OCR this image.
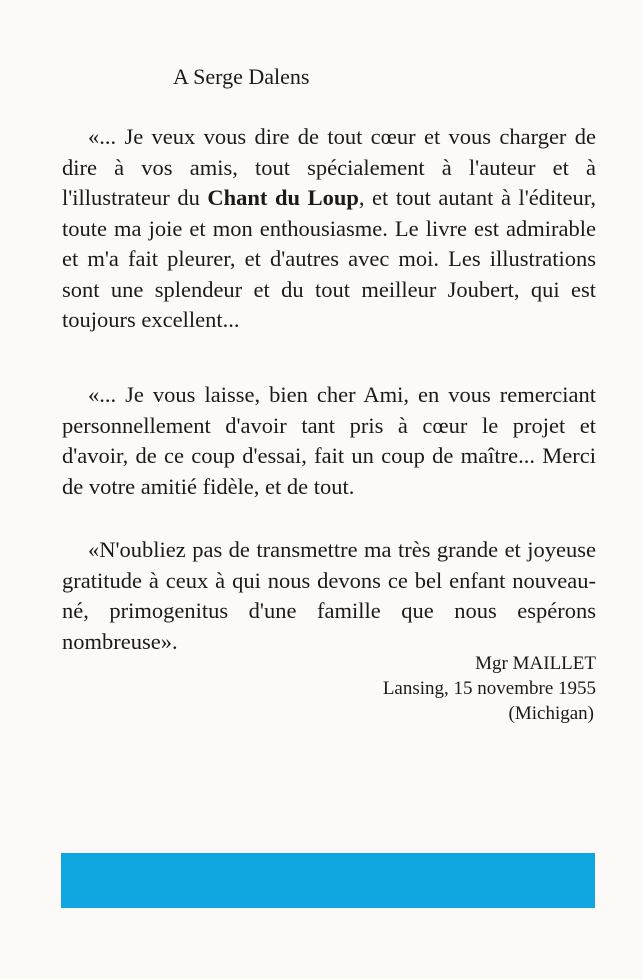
A Serge Dalens

«... Je veux vous dire de tout cœur et vous charger de dire à vos amis, tout spécialement à l'auteur et à l'illustrateur du Chant du Loup, et tout autant à l'éditeur, toute ma joie et mon enthousiasme. Le livre est admirable et m'a fait pleurer, et d'autres avec moi. Les illustrations sont une splendeur et du tout meilleur Joubert, qui est toujours excellent...

«... Je vous laisse, bien cher Ami, en vous remerciant personnellement d'avoir tant pris à cœur le projet et d'avoir, de ce coup d'essai, fait un coup de maître... Merci de votre amitié fidèle, et de tout.

«N'oubliez pas de transmettre ma très grande et joyeuse gratitude à ceux à qui nous devons ce bel enfant nouveau-né, primogenitus d'une famille que nous espérons nombreuse».

Mgr MAILLET

Lansing, 15 novembre 1955

(Michigan)
